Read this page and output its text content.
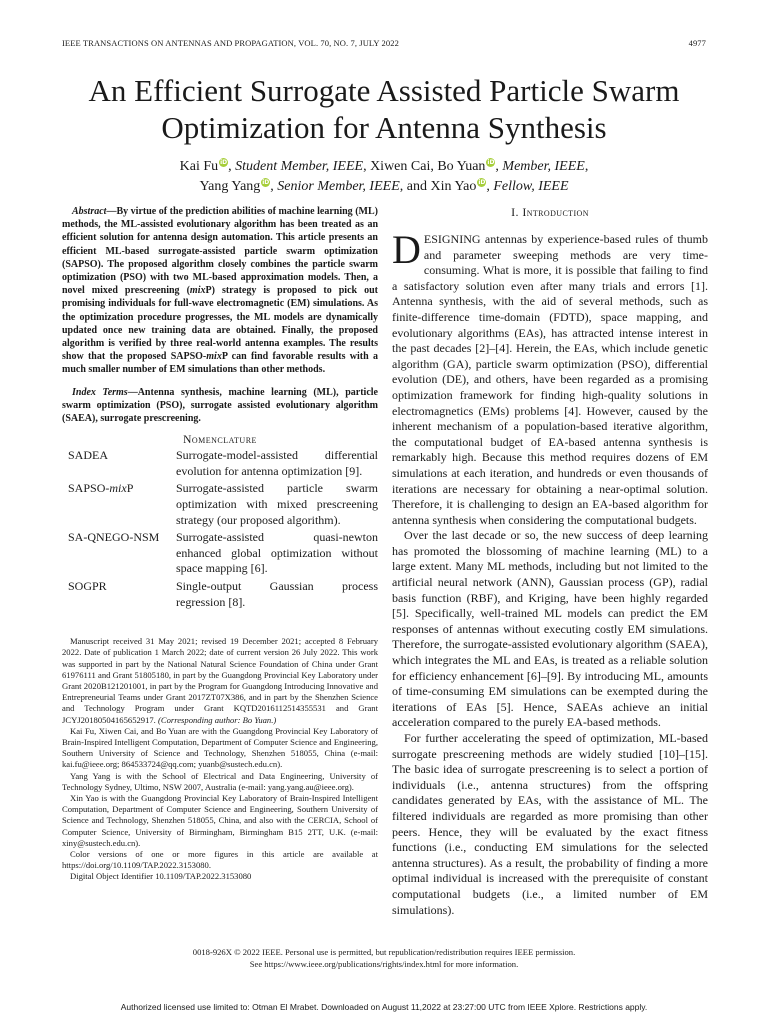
IEEE TRANSACTIONS ON ANTENNAS AND PROPAGATION, VOL. 70, NO. 7, JULY 2022	4977
An Efficient Surrogate Assisted Particle Swarm
Optimization for Antenna Synthesis
Kai Fu iD, Student Member, IEEE, Xiwen Cai, Bo Yuan iD, Member, IEEE,
Yang Yang iD, Senior Member, IEEE, and Xin Yao iD, Fellow, IEEE

Abstract—By virtue of the prediction abilities of machine learning (ML) methods, the ML-assisted evolutionary algorithm has been treated as an efficient solution for antenna design automation. This article presents an efficient ML-based surrogate-assisted particle swarm optimization (SAPSO). The proposed algorithm closely combines the particle swarm optimization (PSO) with two ML-based approximation models. Then, a novel mixed prescreening (mixP) strategy is proposed to pick out promising individuals for full-wave electromagnetic (EM) simulations. As the optimization procedure progresses, the ML models are dynamically updated once new training data are obtained. Finally, the proposed algorithm is verified by three real-world antenna examples. The results show that the proposed SAPSO-mixP can find favorable results with a much smaller number of EM simulations than other methods.

Index Terms—Antenna synthesis, machine learning (ML), particle swarm optimization (PSO), surrogate assisted evolutionary algorithm (SAEA), surrogate prescreening.

Nomenclature
SADEA	Surrogate-model-assisted differential evolution for antenna optimization [9].
SAPSO-mixP	Surrogate-assisted particle swarm optimization with mixed prescreening strategy (our proposed algorithm).
SA-QNEGO-NSM	Surrogate-assisted quasi-newton enhanced global optimization without space mapping [6].
SOGPR	Single-output Gaussian process regression [8].

Manuscript received 31 May 2021; revised 19 December 2021; accepted 8 February 2022. Date of publication 1 March 2022; date of current version 26 July 2022. This work was supported in part by the National Natural Science Foundation of China under Grant 61976111 and Grant 51805180, in part by the Guangdong Provincial Key Laboratory under Grant 2020B121201001, in part by the Program for Guangdong Introducing Innovative and Entrepreneurial Teams under Grant 2017ZT07X386, and in part by the Shenzhen Science and Technology Program under Grant KQTD2016112514355531 and Grant JCYJ20180504165652917. (Corresponding author: Bo Yuan.)

Kai Fu, Xiwen Cai, and Bo Yuan are with the Guangdong Provincial Key Laboratory of Brain-Inspired Intelligent Computation, Department of Computer Science and Engineering, Southern University of Science and Technology, Shenzhen 518055, China (e-mail: kai.fu@ieee.org; 864533724@qq.com; yuanb@sustech.edu.cn).

Yang Yang is with the School of Electrical and Data Engineering, University of Technology Sydney, Ultimo, NSW 2007, Australia (e-mail: yang.yang.au@ieee.org).

Xin Yao is with the Guangdong Provincial Key Laboratory of Brain-Inspired Intelligent Computation, Department of Computer Science and Engineering, Southern University of Science and Technology, Shenzhen 518055, China, and also with the CERCIA, School of Computer Science, University of Birmingham, Birmingham B15 2TT, U.K. (e-mail: xiny@sustech.edu.cn).

Color versions of one or more figures in this article are available at https://doi.org/10.1109/TAP.2022.3153080.

Digital Object Identifier 10.1109/TAP.2022.3153080

I. Introduction

DESIGNING antennas by experience-based rules of thumb and parameter sweeping methods are very time-consuming. What is more, it is possible that failing to find a satisfactory solution even after many trials and errors [1]. Antenna synthesis, with the aid of several methods, such as finite-difference time-domain (FDTD), space mapping, and evolutionary algorithms (EAs), has attracted intense interest in the past decades [2]–[4]. Herein, the EAs, which include genetic algorithm (GA), particle swarm optimization (PSO), differential evolution (DE), and others, have been regarded as a promising optimization framework for finding high-quality solutions in electromagnetics (EMs) problems [4]. However, caused by the inherent mechanism of a population-based iterative algorithm, the computational budget of EA-based antenna synthesis is remarkably high. Because this method requires dozens of EM simulations at each iteration, and hundreds or even thousands of iterations are necessary for obtaining a near-optimal solution. Therefore, it is challenging to design an EA-based algorithm for antenna synthesis when considering the computational budgets.

Over the last decade or so, the new success of deep learning has promoted the blossoming of machine learning (ML) to a large extent. Many ML methods, including but not limited to the artificial neural network (ANN), Gaussian process (GP), radial basis function (RBF), and Kriging, have been highly regarded [5]. Specifically, well-trained ML models can predict the EM responses of antennas without executing costly EM simulations. Therefore, the surrogate-assisted evolutionary algorithm (SAEA), which integrates the ML and EAs, is treated as a reliable solution for efficiency enhancement [6]–[9]. By introducing ML, amounts of time-consuming EM simulations can be exempted during the iterations of EAs [5]. Hence, SAEAs achieve an initial acceleration compared to the purely EA-based methods.

For further accelerating the speed of optimization, ML-based surrogate prescreening methods are widely studied [10]–[15]. The basic idea of surrogate prescreening is to select a portion of individuals (i.e., antenna structures) from the offspring candidates generated by EAs, with the assistance of ML. The filtered individuals are regarded as more promising than other peers. Hence, they will be evaluated by the exact fitness functions (i.e., conducting EM simulations for the selected antenna structures). As a result, the probability of finding a more optimal individual is increased with the prerequisite of constant computational budgets (i.e., a limited number of EM simulations).

0018-926X © 2022 IEEE. Personal use is permitted, but republication/redistribution requires IEEE permission.
See https://www.ieee.org/publications/rights/index.html for more information.
Authorized licensed use limited to: Otman El Mrabet. Downloaded on August 11,2022 at 23:27:00 UTC from IEEE Xplore. Restrictions apply.
